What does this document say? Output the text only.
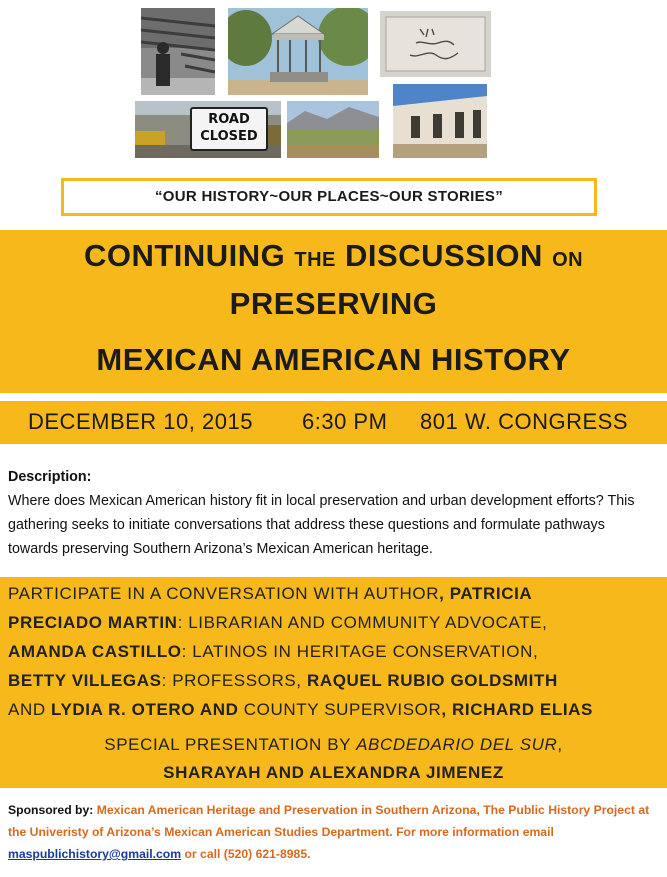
ROAD
CLOSED
“OUR HISTORY~OUR PLACES~OUR STORIES”
CONTINUING THE DISCUSSION ON
PRESERVING
MEXICAN AMERICAN HISTORY
DECEMBER 10, 2015 6:30 PM 801 W. CONGRESS
Description:
Where does Mexican American history fit in local preservation and urban development efforts? This gathering seeks to initiate conversations that address these questions and formulate pathways towards preserving Southern Arizona’s Mexican American heritage.
PARTICIPATE IN A CONVERSATION WITH AUTHOR, PATRICIA
PRECIADO MARTIN: LIBRARIAN AND COMMUNITY ADVOCATE,
AMANDA CASTILLO: LATINOS IN HERITAGE CONSERVATION,
BETTY VILLEGAS: PROFESSORS, RAQUEL RUBIO GOLDSMITH
AND LYDIA R. OTERO AND COUNTY SUPERVISOR, RICHARD ELIAS
SPECIAL PRESENTATION BY ABCDEDARIO DEL SUR,
SHARAYAH AND ALEXANDRA JIMENEZ
Sponsored by: Mexican American Heritage and Preservation in Southern Arizona, The Public History Project at the Univeristy of Arizona’s Mexican American Studies Department. For more information email maspublichistory@gmail.com or call (520) 621-8985.
